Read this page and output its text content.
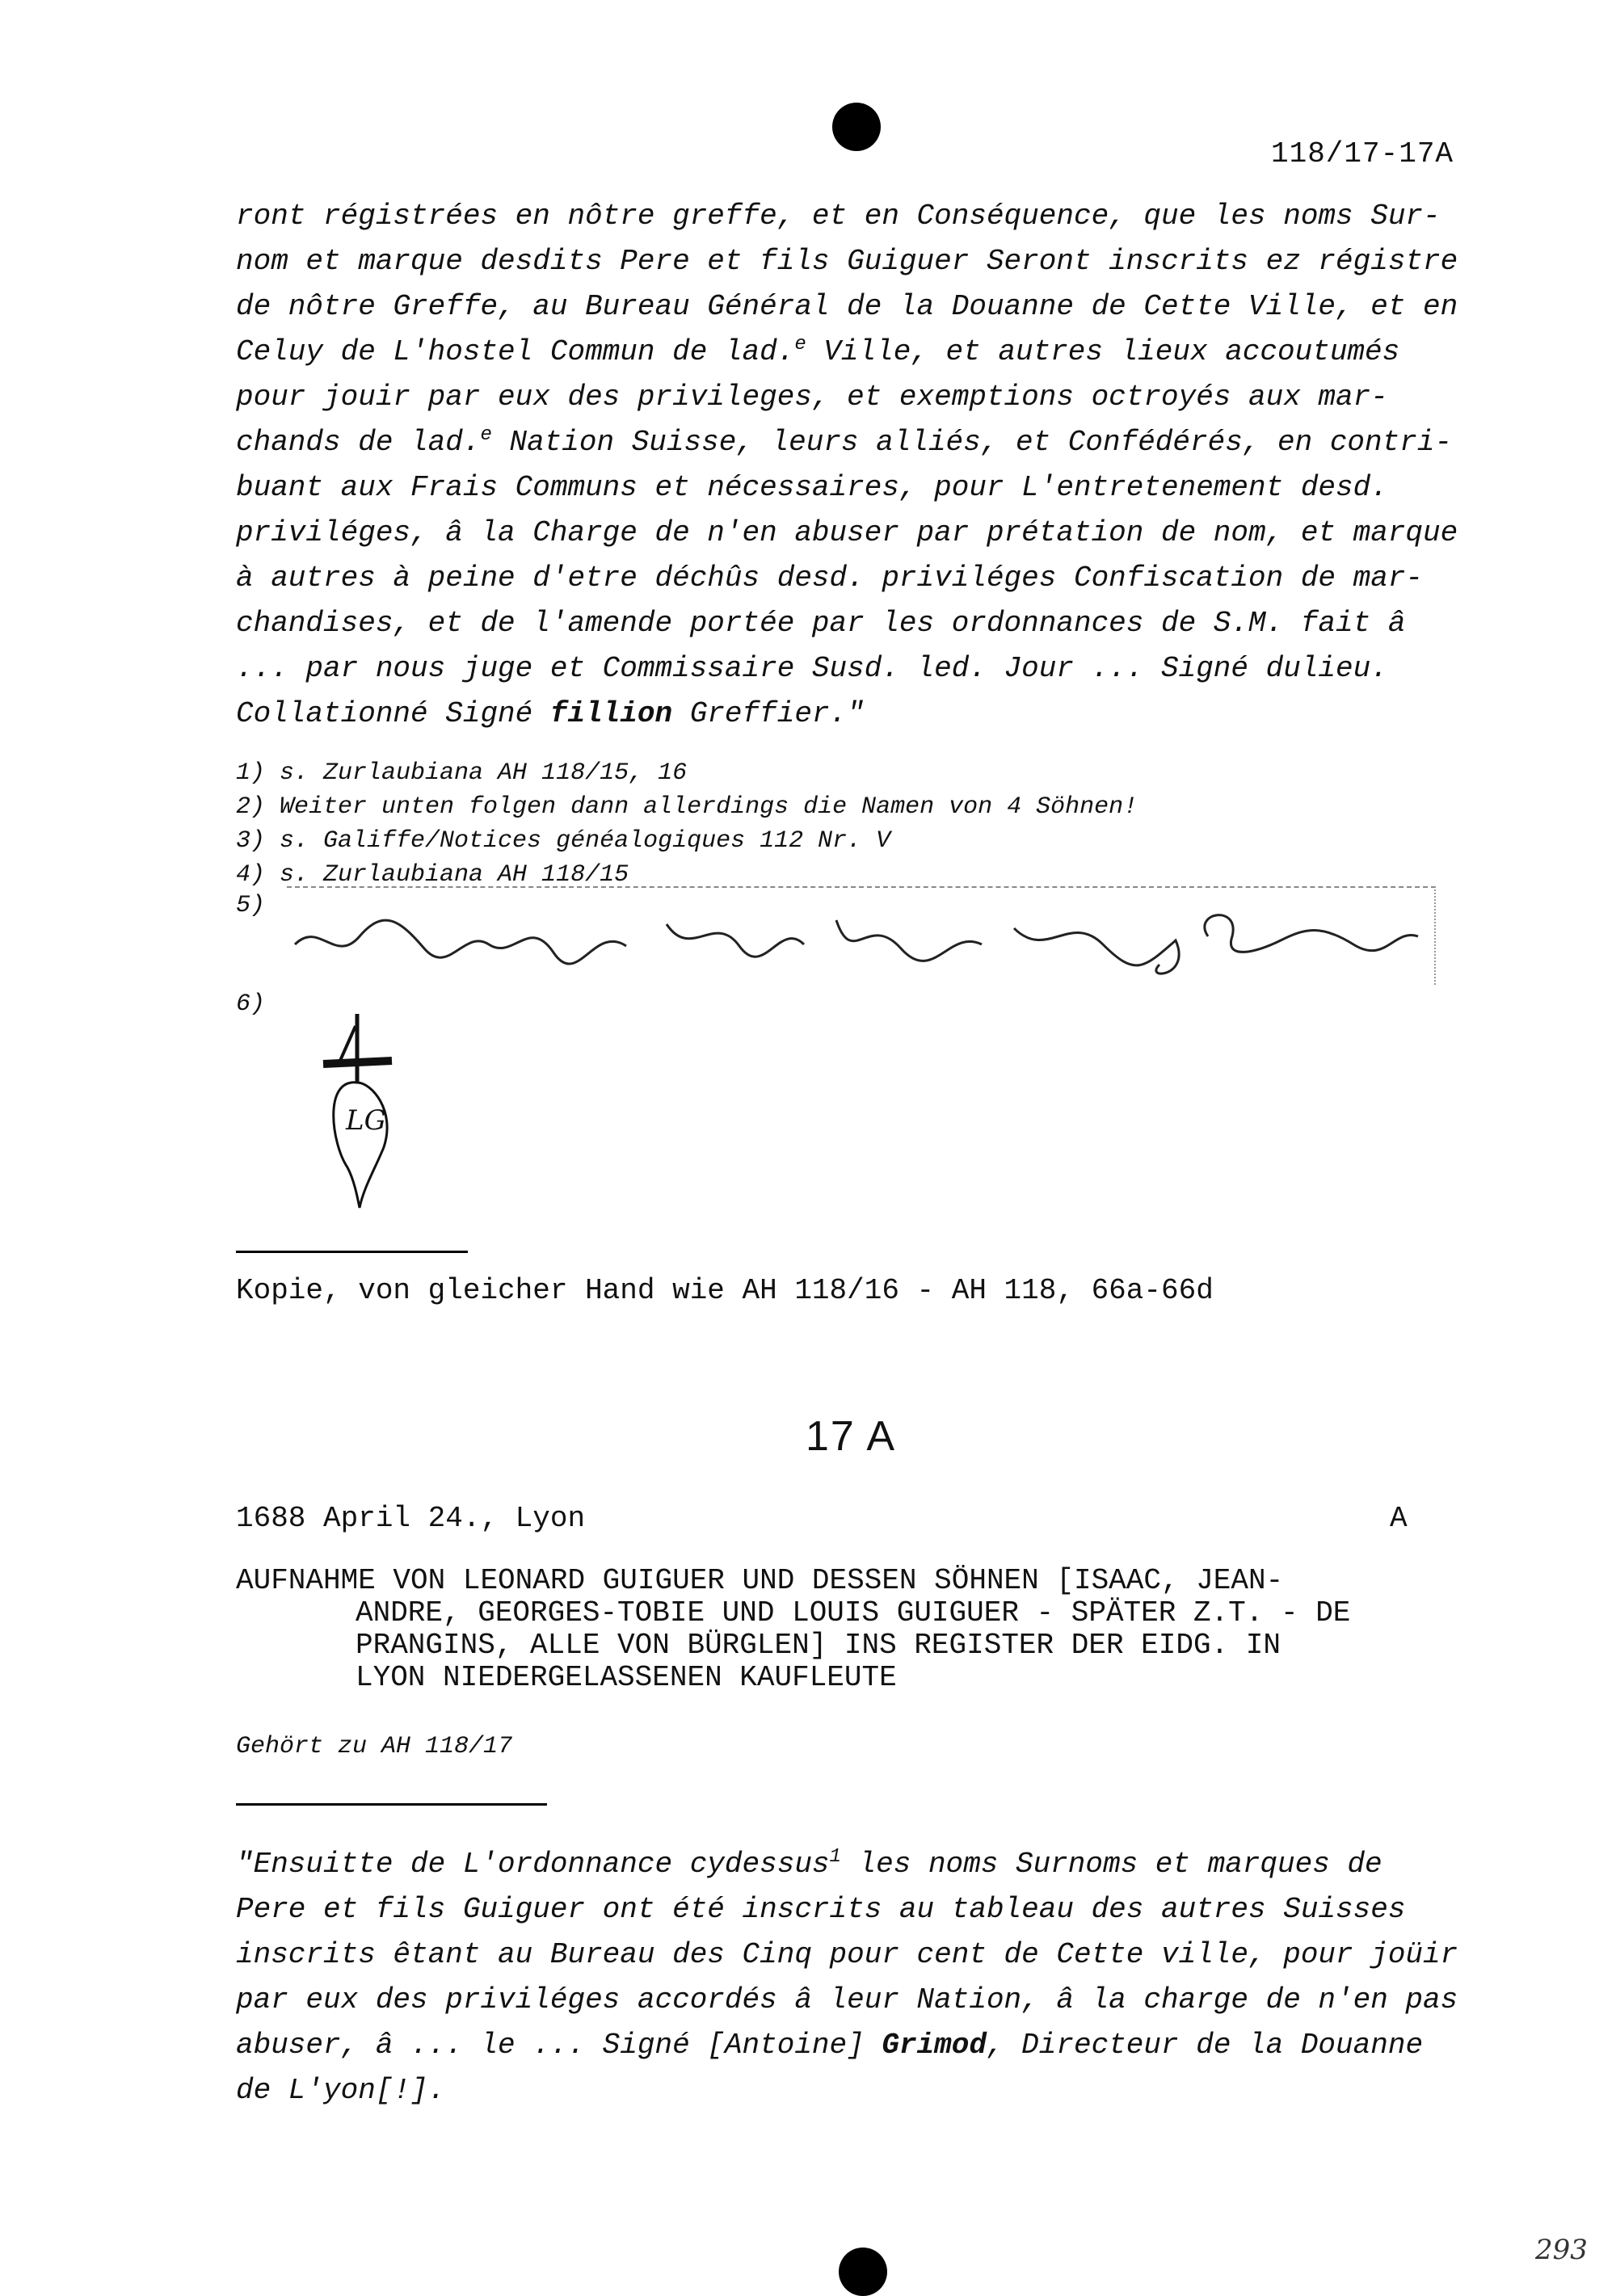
118/17-17A
ront régistrées en nôtre greffe, et en Conséquence, que les noms Sur-
nom et marque desdits Pere et fils Guiguer Seront inscrits ez régistre
de nôtre Greffe, au Bureau Général de la Douanne de Cette Ville, et en
Celuy de L'hostel Commun de lad.$^e$ Ville, et autres lieux accoutumés
pour jouir par eux des privileges, et exemptions octroyés aux mar-
chands de lad.$^e$ Nation Suisse, leurs alliés, et Confédérés, en contri-
buant aux Frais Communs et nécessaires, pour L'entretenement desd.
priviléges, â la Charge de n'en abuser par prétation de nom, et marque
à autres à peine d'etre déchûs desd. priviléges Confiscation de mar-
chandises, et de l'amende portée par les ordonnances de S.M. fait â
... par nous juge et Commissaire Susd. led. Jour ... Signé dulieu.
Collationné Signé fillion Greffier."
1) s. Zurlaubiana AH 118/15, 16
2) Weiter unten folgen dann allerdings die Namen von 4 Söhnen!
3) s. Galiffe/Notices généalogiques 112 Nr. V
4) s. Zurlaubiana AH 118/15
5)
6)
LG
Kopie, von gleicher Hand wie AH 118/16 - AH 118, 66a-66d
17 A
1688 April 24., Lyon	A
AUFNAHME VON LEONARD GUIGUER UND DESSEN SÖHNEN [ISAAC, JEAN-
ANDRE, GEORGES-TOBIE UND LOUIS GUIGUER - SPÄTER Z.T. - DE
PRANGINS, ALLE VON BÜRGLEN] INS REGISTER DER EIDG. IN
LYON NIEDERGELASSENEN KAUFLEUTE
Gehört zu AH 118/17
"Ensuitte de L'ordonnance cydessus$^1$ les noms Surnoms et marques de
Pere et fils Guiguer ont été inscrits au tableau des autres Suisses
inscrits êtant au Bureau des Cinq pour cent de Cette ville, pour joüir
par eux des priviléges accordés â leur Nation, â la charge de n'en pas
abuser, â ... le ... Signé [Antoine] Grimod, Directeur de la Douanne
de L'yon[!].
293
